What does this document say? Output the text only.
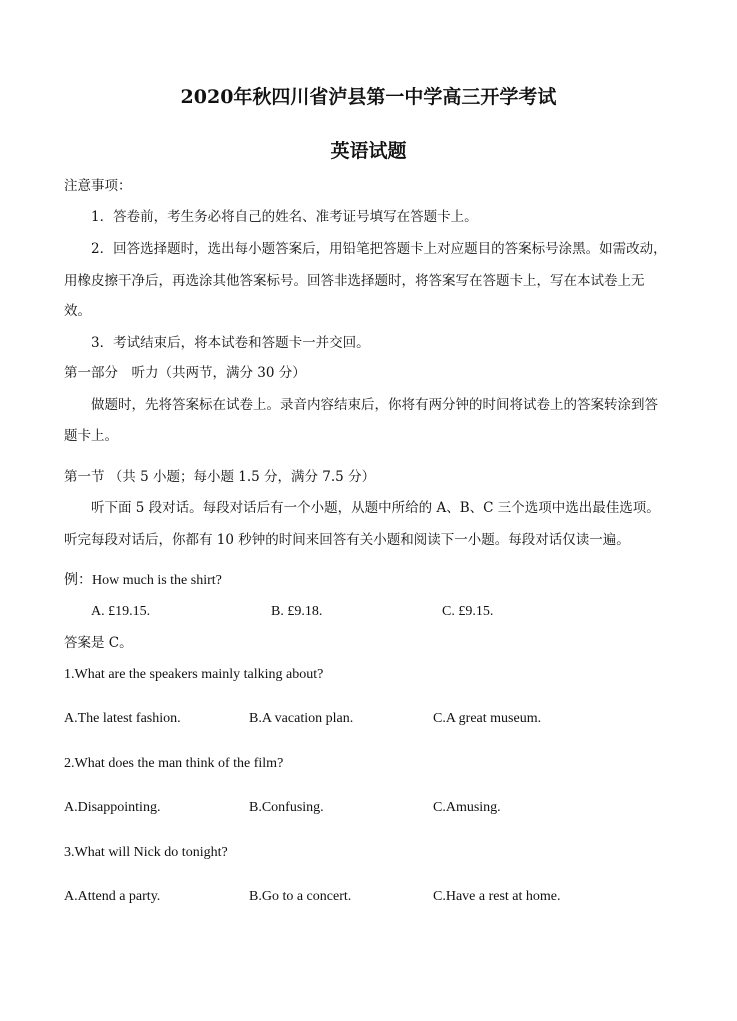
2020年秋四川省泸县第一中学高三开学考试
英语试题

注意事项：

1．答卷前，考生务必将自己的姓名、准考证号填写在答题卡上。

2．回答选择题时，选出每小题答案后，用铅笔把答题卡上对应题目的答案标号涂黑。如需改动，

用橡皮擦干净后，再选涂其他答案标号。回答非选择题时，将答案写在答题卡上，写在本试卷上无

效。

3．考试结束后，将本试卷和答题卡一并交回。

第一部分　听力（共两节，满分 30 分）

做题时，先将答案标在试卷上。录音内容结束后，你将有两分钟的时间将试卷上的答案转涂到答

题卡上。

第一节 （共 5 小题；每小题 1.5 分，满分 7.5 分）

听下面 5 段对话。每段对话后有一个小题，从题中所给的 A、B、C 三个选项中选出最佳选项。

听完每段对话后，你都有 10 秒钟的时间来回答有关小题和阅读下一小题。每段对话仅读一遍。

例：How much is the shirt?

A. £19.15.	B. £9.18.	C. £9.15.

答案是 C。

1.What are the speakers mainly talking about?

A.The latest fashion.	B.A vacation plan.	C.A great museum.

2.What does the man think of the film?

A.Disappointing.	B.Confusing.	C.Amusing.

3.What will Nick do tonight?

A.Attend a party.	B.Go to a concert.	C.Have a rest at home.
